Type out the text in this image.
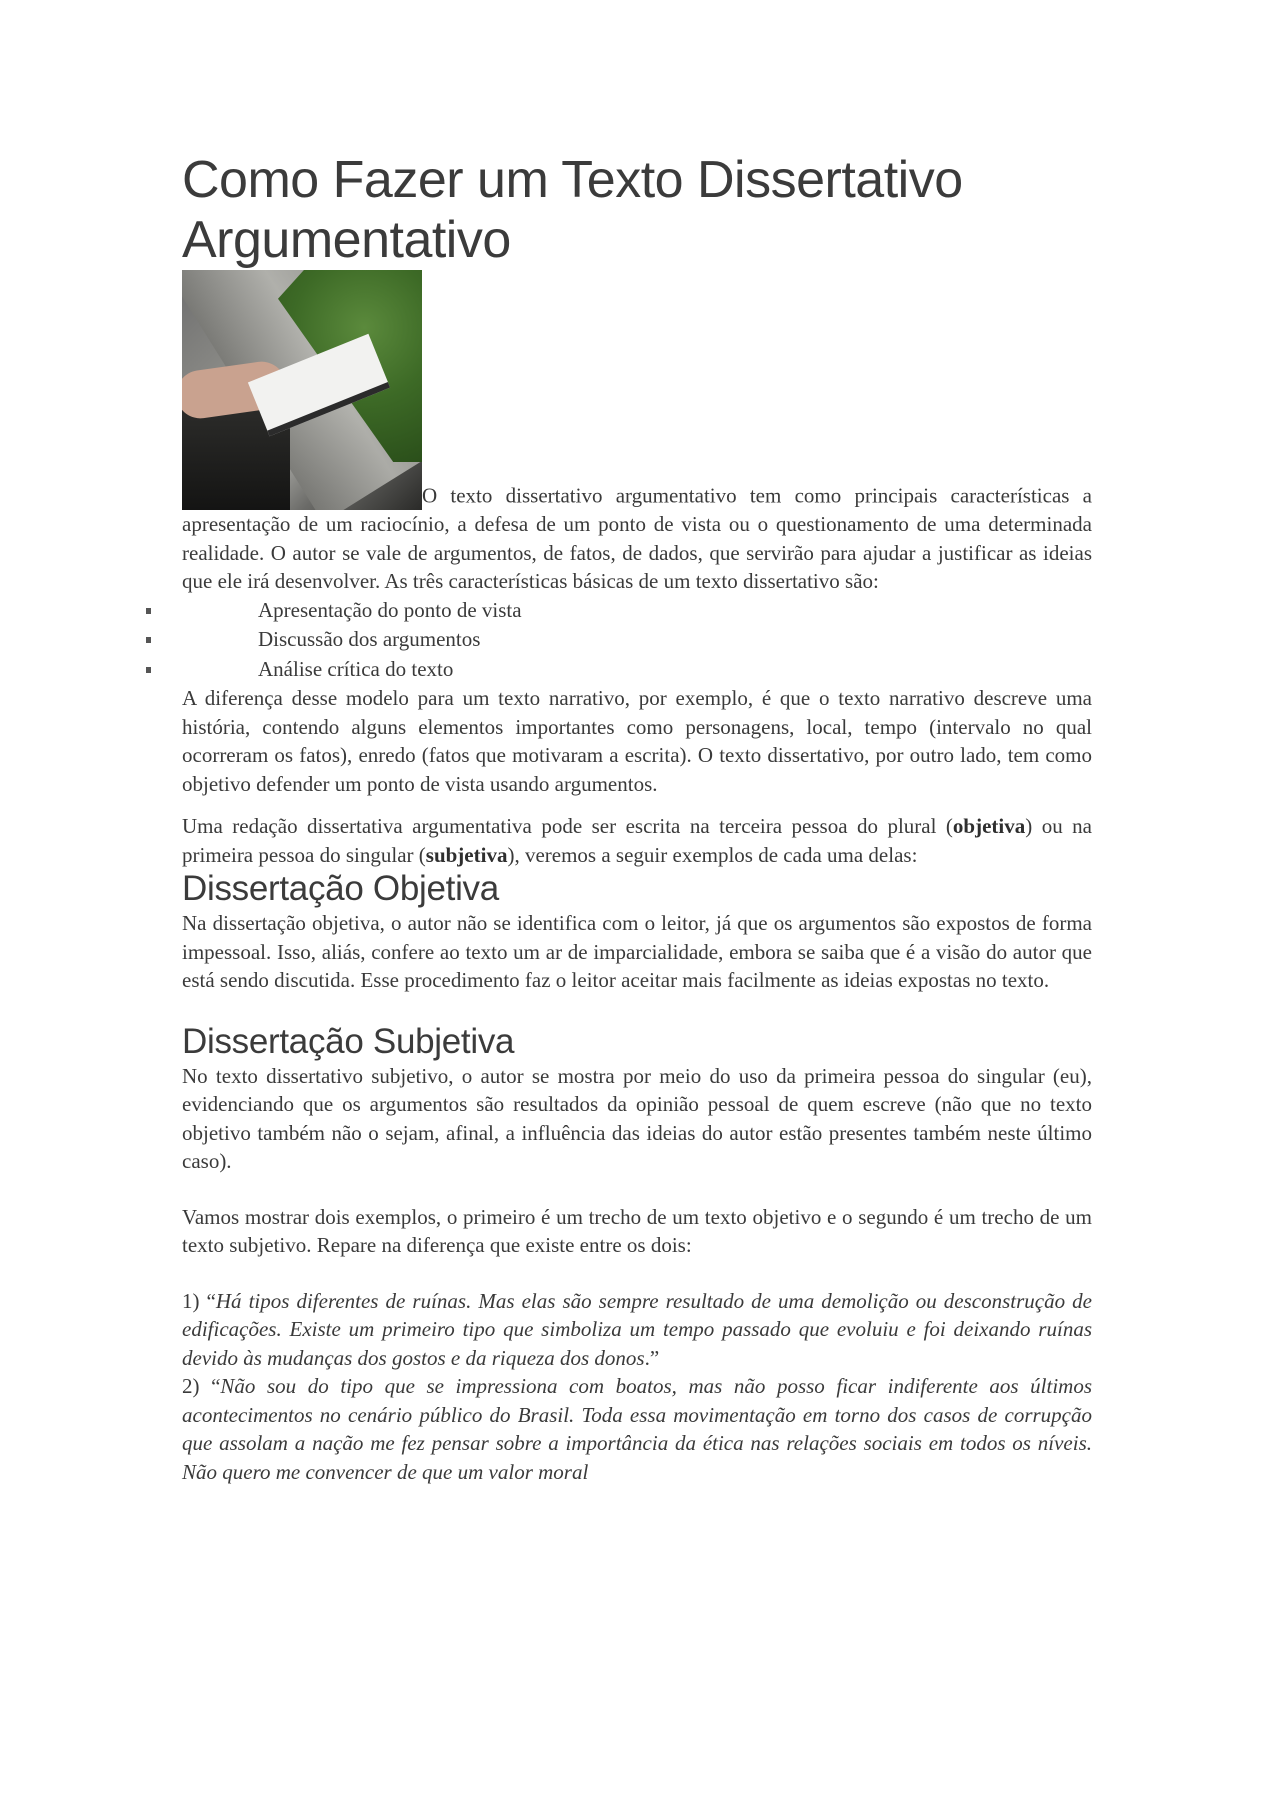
Como Fazer um Texto Dissertativo Argumentativo

O texto dissertativo argumentativo tem como principais características a apresentação de um raciocínio, a defesa de um ponto de vista ou o questionamento de uma determinada realidade. O autor se vale de argumentos, de fatos, de dados, que servirão para ajudar a justificar as ideias que ele irá desenvolver. As três características básicas de um texto dissertativo são:

Apresentação do ponto de vista
Discussão dos argumentos
Análise crítica do texto

A diferença desse modelo para um texto narrativo, por exemplo, é que o texto narrativo descreve uma história, contendo alguns elementos importantes como personagens, local, tempo (intervalo no qual ocorreram os fatos), enredo (fatos que motivaram a escrita). O texto dissertativo, por outro lado, tem como objetivo defender um ponto de vista usando argumentos.

Uma redação dissertativa argumentativa pode ser escrita na terceira pessoa do plural (objetiva) ou na primeira pessoa do singular (subjetiva), veremos a seguir exemplos de cada uma delas:

Dissertação Objetiva

Na dissertação objetiva, o autor não se identifica com o leitor, já que os argumentos são expostos de forma impessoal. Isso, aliás, confere ao texto um ar de imparcialidade, embora se saiba que é a visão do autor que está sendo discutida. Esse procedimento faz o leitor aceitar mais facilmente as ideias expostas no texto.

Dissertação Subjetiva

No texto dissertativo subjetivo, o autor se mostra por meio do uso da primeira pessoa do singular (eu), evidenciando que os argumentos são resultados da opinião pessoal de quem escreve (não que no texto objetivo também não o sejam, afinal, a influência das ideias do autor estão presentes também neste último caso).

Vamos mostrar dois exemplos, o primeiro é um trecho de um texto objetivo e o segundo é um trecho de um texto subjetivo. Repare na diferença que existe entre os dois:

1) “Há tipos diferentes de ruínas. Mas elas são sempre resultado de uma demolição ou desconstrução de edificações. Existe um primeiro tipo que simboliza um tempo passado que evoluiu e foi deixando ruínas devido às mudanças dos gostos e da riqueza dos donos.”

2) “Não sou do tipo que se impressiona com boatos, mas não posso ficar indiferente aos últimos acontecimentos no cenário público do Brasil. Toda essa movimentação em torno dos casos de corrupção que assolam a nação me fez pensar sobre a importância da ética nas relações sociais em todos os níveis. Não quero me convencer de que um valor moral
